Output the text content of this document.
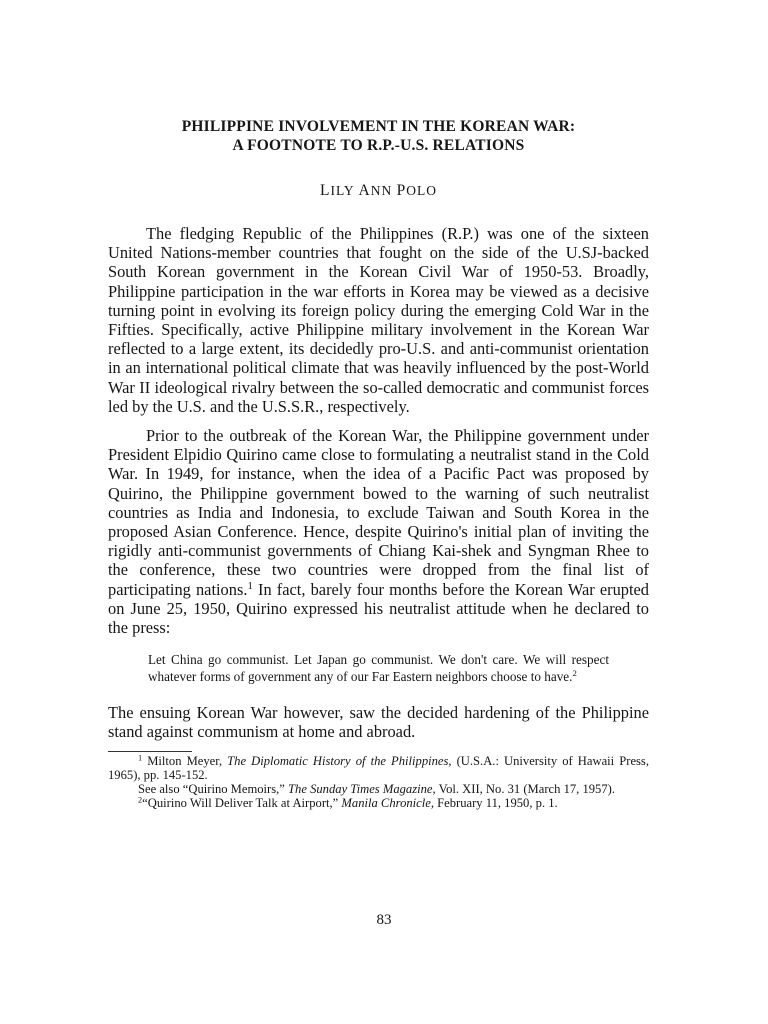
PHILIPPINE INVOLVEMENT IN THE KOREAN WAR:
A FOOTNOTE TO R.P.-U.S. RELATIONS

LILY ANN POLO

The fledging Republic of the Philippines (R.P.) was one of the sixteen United Nations-member countries that fought on the side of the U.SJ-backed South Korean government in the Korean Civil War of 1950-53. Broadly, Philippine participation in the war efforts in Korea may be viewed as a decisive turning point in evolving its foreign policy during the emerging Cold War in the Fifties. Specifically, active Philippine military involvement in the Korean War reflected to a large extent, its decidedly pro-U.S. and anti-communist orientation in an international political climate that was heavily influenced by the post-World War II ideological rivalry between the so-called democratic and communist forces led by the U.S. and the U.S.S.R., respectively.

Prior to the outbreak of the Korean War, the Philippine government under President Elpidio Quirino came close to formulating a neutralist stand in the Cold War. In 1949, for instance, when the idea of a Pacific Pact was proposed by Quirino, the Philippine government bowed to the warning of such neutralist countries as India and Indonesia, to exclude Taiwan and South Korea in the proposed Asian Conference. Hence, despite Quirino's initial plan of inviting the rigidly anti-communist governments of Chiang Kai-shek and Syngman Rhee to the conference, these two countries were dropped from the final list of participating nations.$^1$ In fact, barely four months before the Korean War erupted on June 25, 1950, Quirino expressed his neutralist attitude when he declared to the press:

Let China go communist. Let Japan go communist. We don't care. We will respect whatever forms of government any of our Far Eastern neighbors choose to have.$^2$
The ensuing Korean War however, saw the decided hardening of the Philippine stand against communism at home and abroad.

$^1$ Milton Meyer, The Diplomatic History of the Philippines, (U.S.A.: University of Hawaii Press, 1965), pp. 145-152.

See also “Quirino Memoirs,” The Sunday Times Magazine, Vol. XII, No. 31 (March 17, 1957).

$^2$“Quirino Will Deliver Talk at Airport,” Manila Chronicle, February 11, 1950, p. 1.

83
